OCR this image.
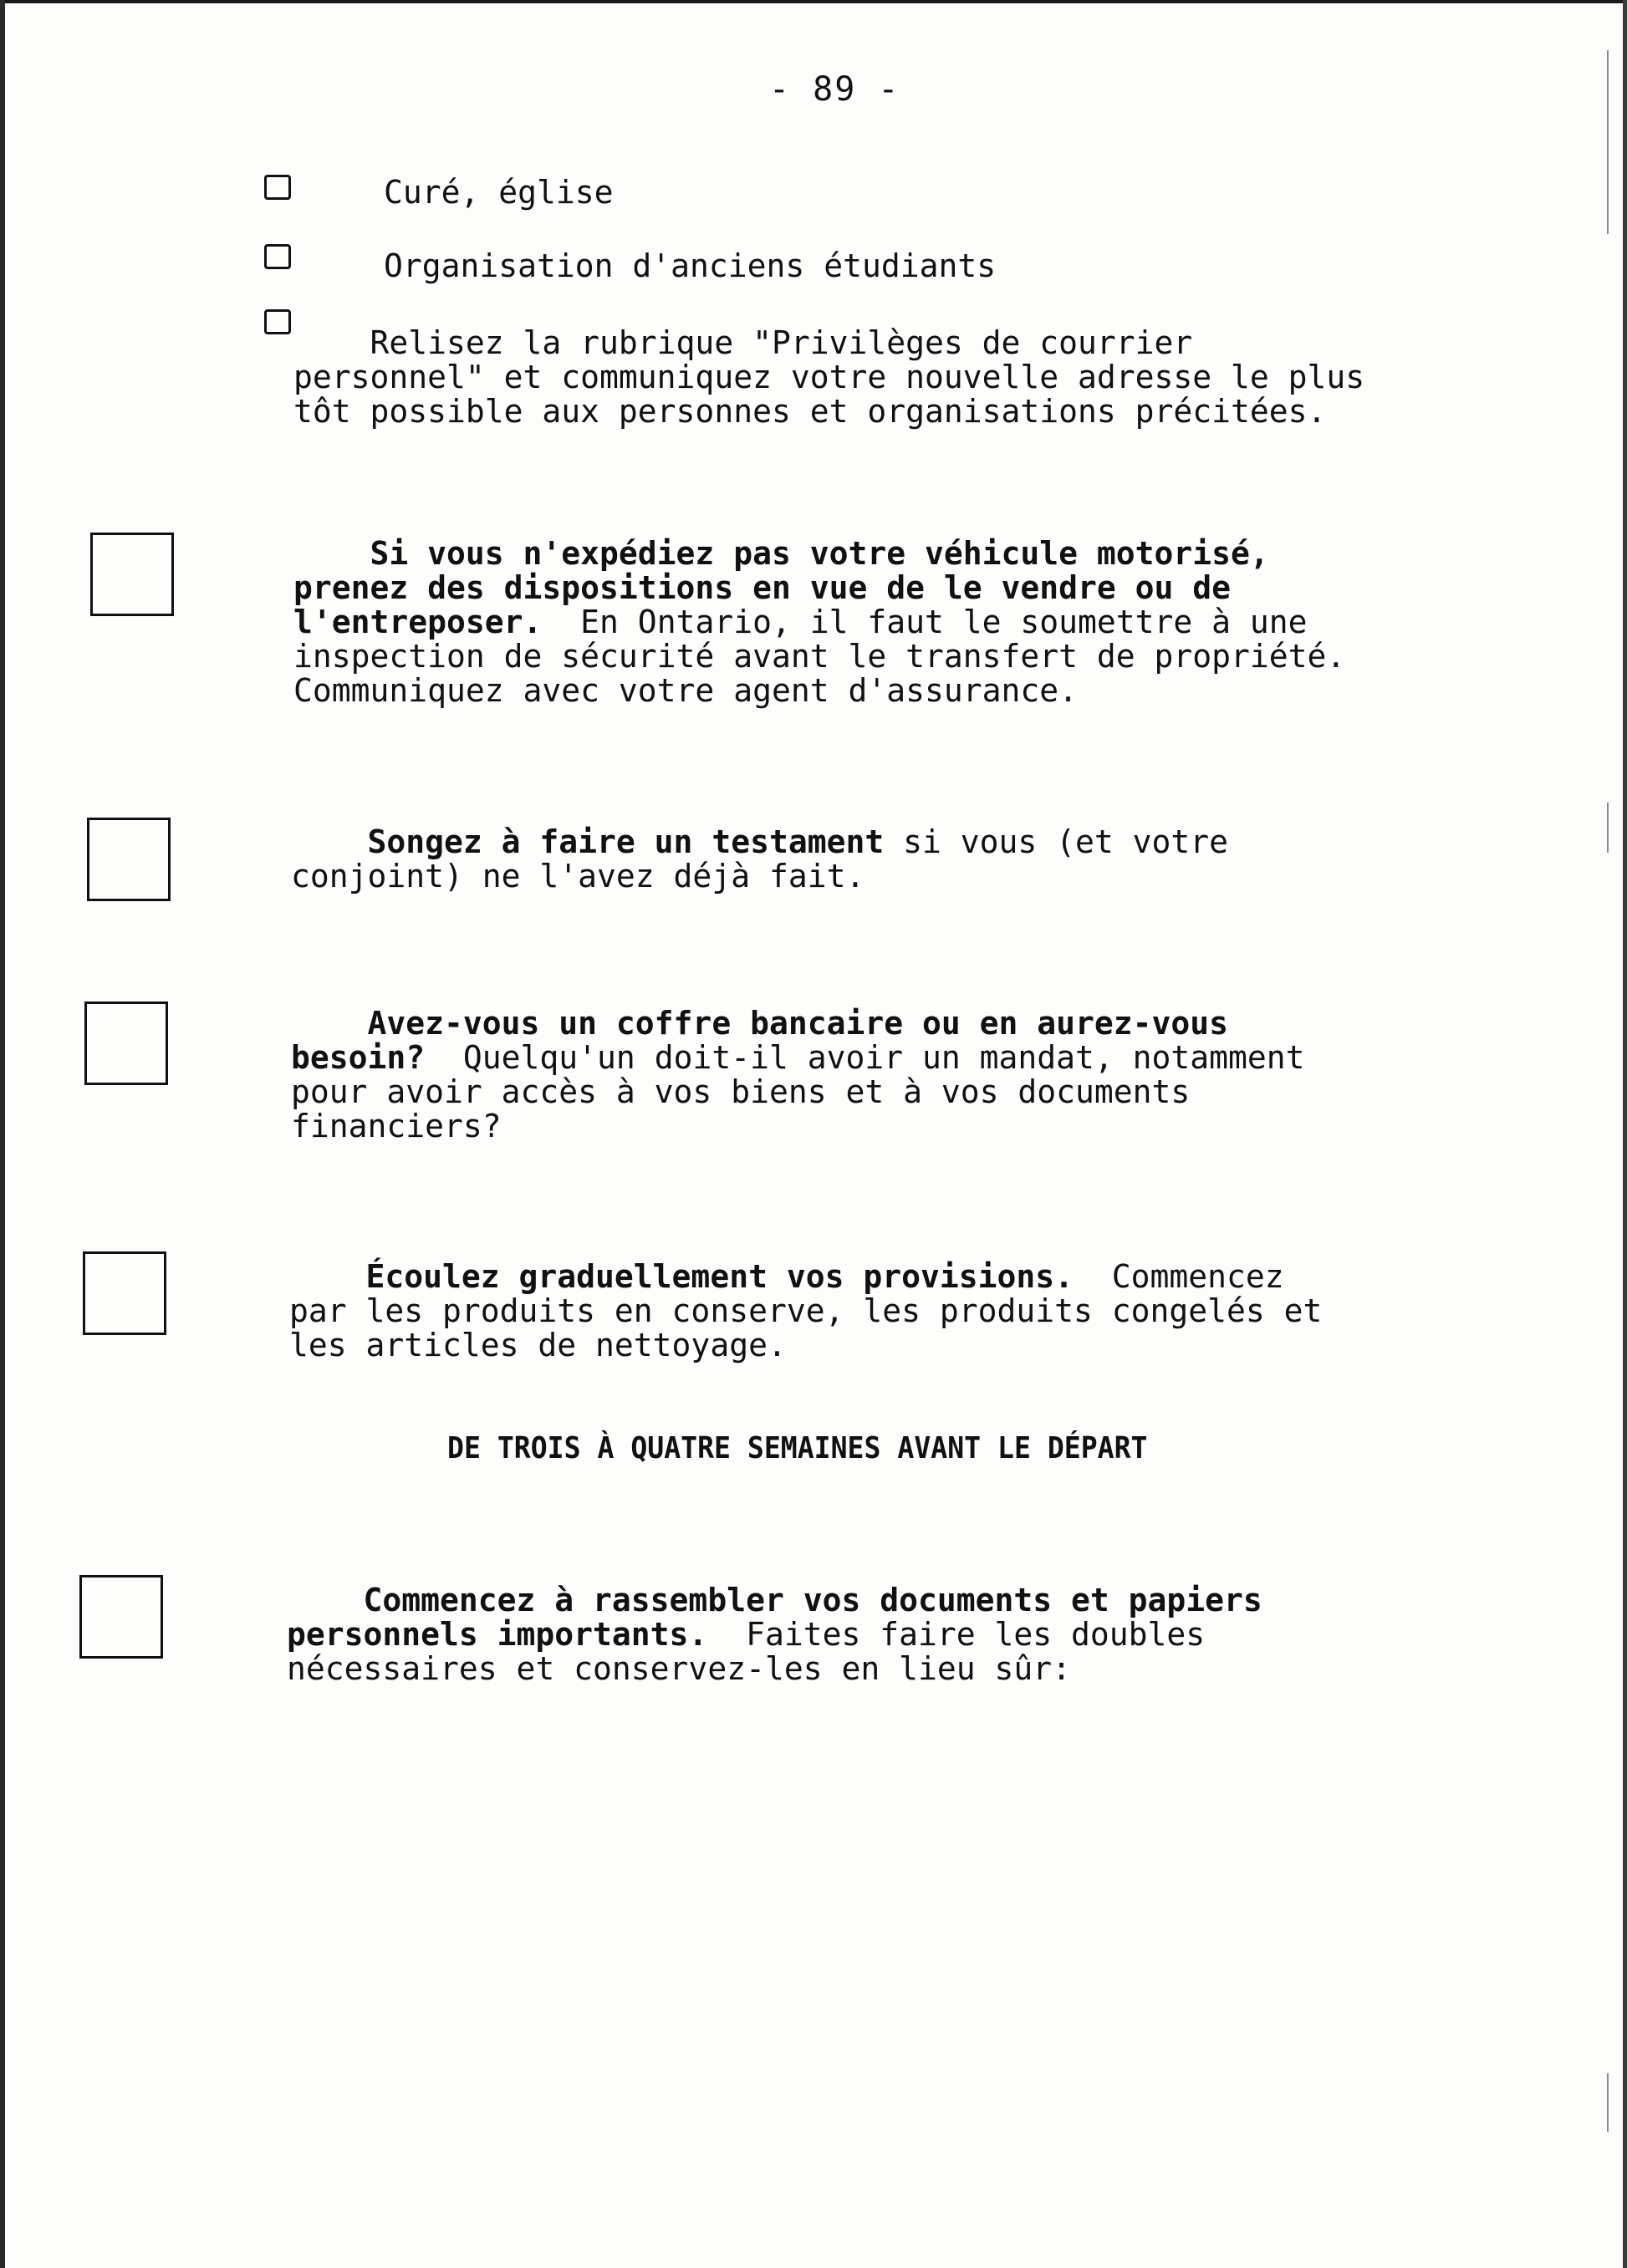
- 89 -
Curé, église
Organisation d'anciens étudiants
Relisez la rubrique "Privilèges de courrier
personnel" et communiquez votre nouvelle adresse le plus
tôt possible aux personnes et organisations précitées.
Si vous n'expédiez pas votre véhicule motorisé,
prenez des dispositions en vue de le vendre ou de
l'entreposer.  En Ontario, il faut le soumettre à une
inspection de sécurité avant le transfert de propriété.
Communiquez avec votre agent d'assurance.
Songez à faire un testament si vous (et votre
conjoint) ne l'avez déjà fait.
Avez-vous un coffre bancaire ou en aurez-vous
besoin?  Quelqu'un doit-il avoir un mandat, notamment
pour avoir accès à vos biens et à vos documents
financiers?
Écoulez graduellement vos provisions.  Commencez
par les produits en conserve, les produits congelés et
les articles de nettoyage.
DE TROIS À QUATRE SEMAINES AVANT LE DÉPART
Commencez à rassembler vos documents et papiers
personnels importants.  Faites faire les doubles
nécessaires et conservez-les en lieu sûr:
